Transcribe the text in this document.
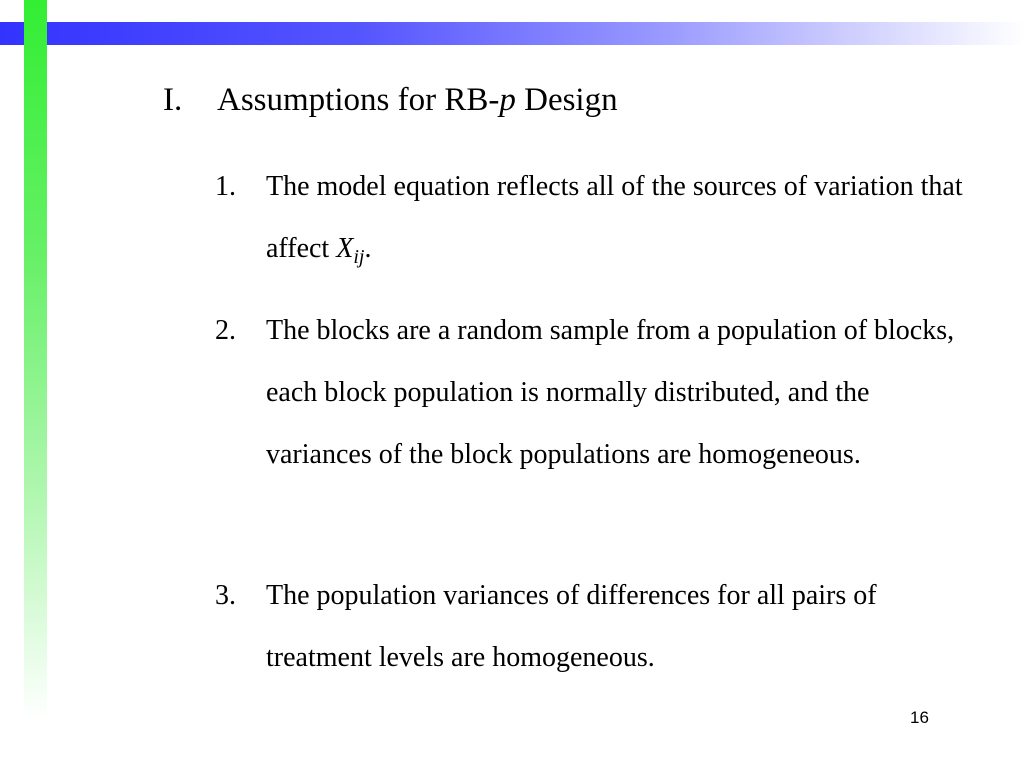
I. Assumptions for RB-p Design
1. The model equation reflects all of the sources of variation that affect $X_{ij}$.
2. The blocks are a random sample from a population of blocks, each block population is normally distributed, and the variances of the block populations are homogeneous.
3. The population variances of differences for all pairs of treatment levels are homogeneous.
16
